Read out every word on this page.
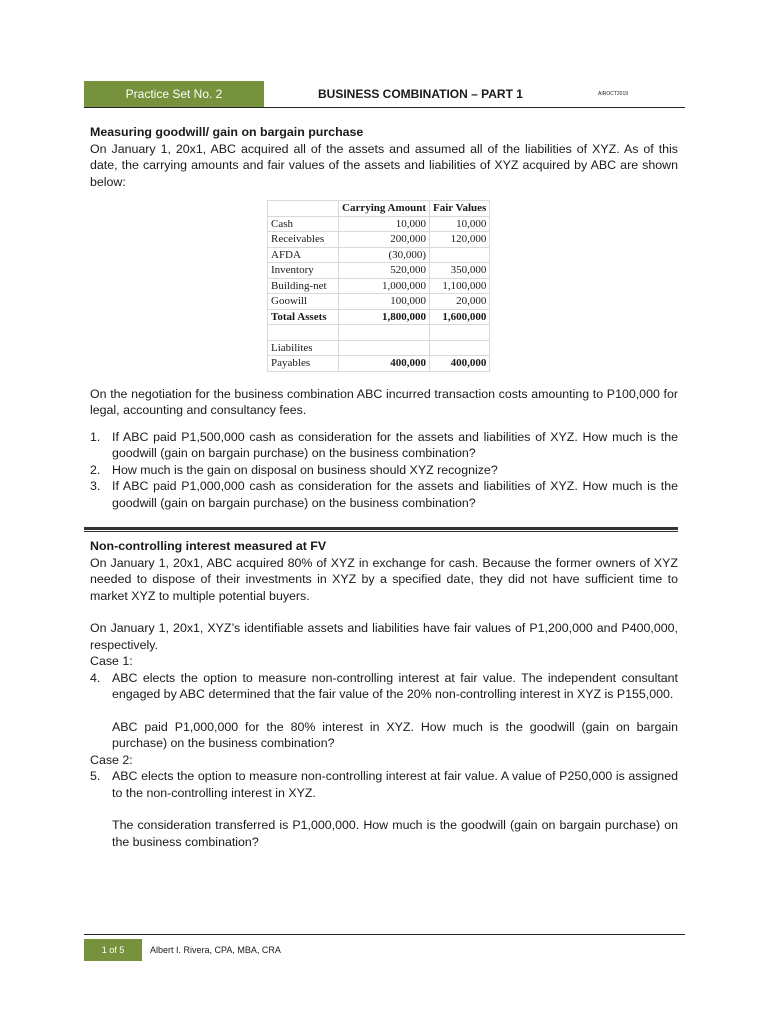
Practice Set No. 2	BUSINESS COMBINATION – PART 1	AIROCT2019

Measuring goodwill/ gain on bargain purchase

On January 1, 20x1, ABC acquired all of the assets and assumed all of the liabilities of XYZ. As of this date, the carrying amounts and fair values of the assets and liabilities of XYZ acquired by ABC are shown below:

	Carrying Amount	Fair Values
Cash	10,000	10,000
Receivables	200,000	120,000
AFDA	(30,000)	
Inventory	520,000	350,000
Building-net	1,000,000	1,100,000
Goowill	100,000	20,000
Total Assets	1,800,000	1,600,000

Liabilites		
Payables	400,000	400,000

On the negotiation for the business combination ABC incurred transaction costs amounting to P100,000 for legal, accounting and consultancy fees.

1. If ABC paid P1,500,000 cash as consideration for the assets and liabilities of XYZ. How much is the goodwill (gain on bargain purchase) on the business combination?
2. How much is the gain on disposal on business should XYZ recognize?
3. If ABC paid P1,000,000 cash as consideration for the assets and liabilities of XYZ. How much is the goodwill (gain on bargain purchase) on the business combination?

Non-controlling interest measured at FV

On January 1, 20x1, ABC acquired 80% of XYZ in exchange for cash. Because the former owners of XYZ needed to dispose of their investments in XYZ by a specified date, they did not have sufficient time to market XYZ to multiple potential buyers.

On January 1, 20x1, XYZ’s identifiable assets and liabilities have fair values of P1,200,000 and P400,000, respectively.

Case 1:

4. ABC elects the option to measure non-controlling interest at fair value. The independent consultant engaged by ABC determined that the fair value of the 20% non-controlling interest in XYZ is P155,000.

ABC paid P1,000,000 for the 80% interest in XYZ. How much is the goodwill (gain on bargain purchase) on the business combination?

Case 2:

5. ABC elects the option to measure non-controlling interest at fair value. A value of P250,000 is assigned to the non-controlling interest in XYZ.

The consideration transferred is P1,000,000. How much is the goodwill (gain on bargain purchase) on the business combination?

1 of 5	Albert I. Rivera, CPA, MBA, CRA
